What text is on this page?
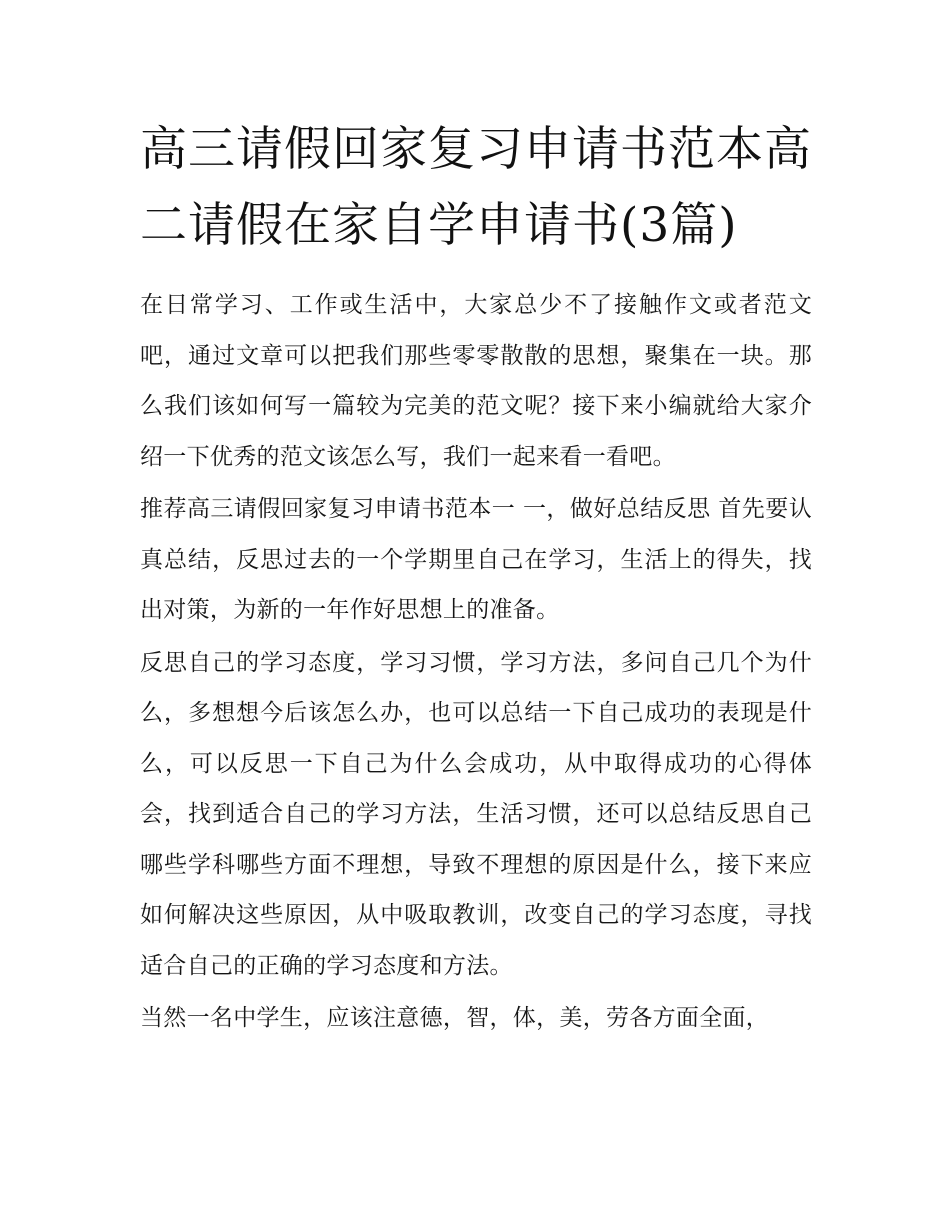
高三请假回家复习申请书范本高二请假在家自学申请书(3篇)

在日常学习、工作或生活中，大家总少不了接触作文或者范文吧，通过文章可以把我们那些零零散散的思想，聚集在一块。那么我们该如何写一篇较为完美的范文呢？接下来小编就给大家介绍一下优秀的范文该怎么写，我们一起来看一看吧。

推荐高三请假回家复习申请书范本一 一，做好总结反思 首先要认真总结，反思过去的一个学期里自己在学习，生活上的得失，找出对策，为新的一年作好思想上的准备。

反思自己的学习态度，学习习惯，学习方法，多问自己几个为什么，多想想今后该怎么办，也可以总结一下自己成功的表现是什么，可以反思一下自己为什么会成功，从中取得成功的心得体会，找到适合自己的学习方法，生活习惯，还可以总结反思自己哪些学科哪些方面不理想，导致不理想的原因是什么，接下来应如何解决这些原因，从中吸取教训，改变自己的学习态度，寻找适合自己的正确的学习态度和方法。

当然一名中学生，应该注意德，智，体，美，劳各方面全面，
